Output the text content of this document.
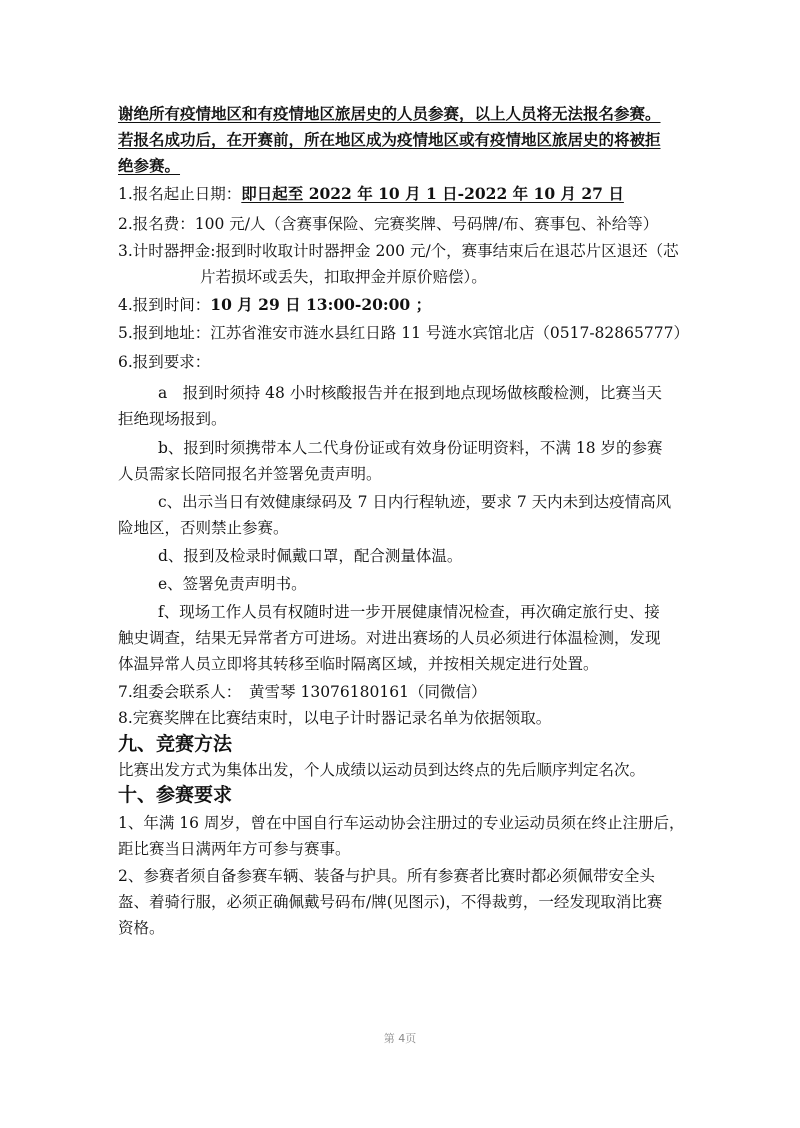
谢绝所有疫情地区和有疫情地区旅居史的人员参赛，以上人员将无法报名参赛。
若报名成功后，在开赛前，所在地区成为疫情地区或有疫情地区旅居史的将被拒
绝参赛。
1.报名起止日期：即日起至 2022 年 10 月 1 日-2022 年 10 月 27 日
2.报名费：100 元/人（含赛事保险、完赛奖牌、号码牌/布、赛事包、补给等）
3.计时器押金:报到时收取计时器押金 200 元/个，赛事结束后在退芯片区退还（芯
片若损坏或丢失，扣取押金并原价赔偿）。
4.报到时间：10 月 29 日 13:00-20:00 ；
5.报到地址：江苏省淮安市涟水县红日路 11 号涟水宾馆北店（0517-82865777）
6.报到要求：
a　报到时须持 48 小时核酸报告并在报到地点现场做核酸检测，比赛当天
拒绝现场报到。
b、报到时须携带本人二代身份证或有效身份证明资料，不满 18 岁的参赛
人员需家长陪同报名并签署免责声明。
c、出示当日有效健康绿码及 7 日内行程轨迹，要求 7 天内未到达疫情高风
险地区，否则禁止参赛。
d、报到及检录时佩戴口罩，配合测量体温。
e、签署免责声明书。
f、现场工作人员有权随时进一步开展健康情况检查，再次确定旅行史、接
触史调查，结果无异常者方可进场。对进出赛场的人员必须进行体温检测，发现
体温异常人员立即将其转移至临时隔离区域，并按相关规定进行处置。
7.组委会联系人：　黄雪琴 13076180161（同微信）
8.完赛奖牌在比赛结束时，以电子计时器记录名单为依据领取。
九、竞赛方法
比赛出发方式为集体出发，个人成绩以运动员到达终点的先后顺序判定名次。
十、参赛要求
1、年满 16 周岁，曾在中国自行车运动协会注册过的专业运动员须在终止注册后，
距比赛当日满两年方可参与赛事。
2、参赛者须自备参赛车辆、装备与护具。所有参赛者比赛时都必须佩带安全头
盔、着骑行服，必须正确佩戴号码布/牌(见图示)，不得裁剪，一经发现取消比赛
资格。
第 4页
